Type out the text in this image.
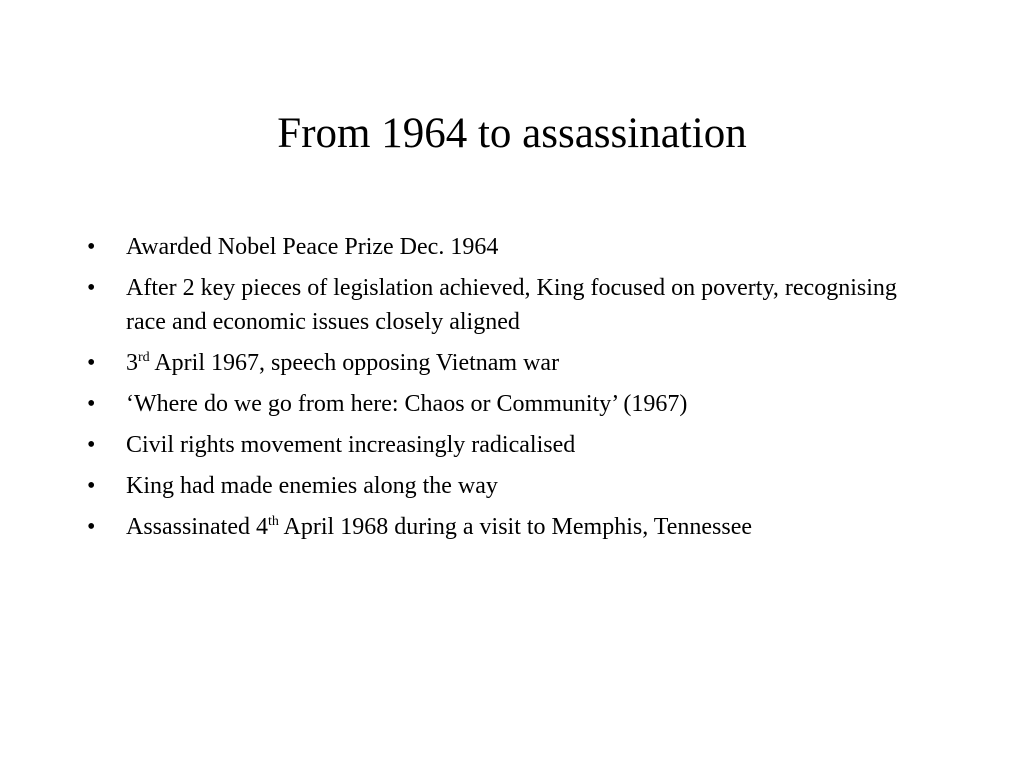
From 1964 to assassination
• Awarded Nobel Peace Prize Dec. 1964
• After 2 key pieces of legislation achieved, King focused on poverty, recognising race and economic issues closely aligned
• 3rd April 1967, speech opposing Vietnam war
• ‘Where do we go from here: Chaos or Community’ (1967)
• Civil rights movement increasingly radicalised
• King had made enemies along the way
• Assassinated 4th April 1968 during a visit to Memphis, Tennessee
